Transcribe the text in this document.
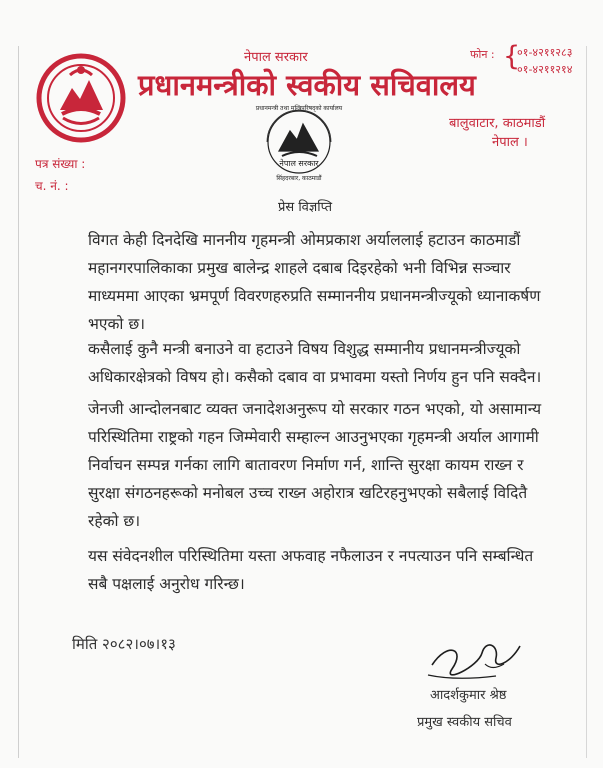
नेपाल सरकार
प्रधानमन्त्रीको स्वकीय सचिवालय
फोन : {
०१-४२११२८३
०१-४२११२१४
बालुवाटार, काठमाडौं
नेपाल ।
प्रधानमन्त्री तथा मन्त्रिपरिषद्को कार्यालय
नेपाल सरकार
सिंहदरबार, काठमाडौं
पत्र संख्या :
च. नं. :
प्रेस विज्ञप्ति
विगत केही दिनदेखि माननीय गृहमन्त्री ओमप्रकाश अर्याललाई हटाउन काठमाडौं महानगरपालिकाका प्रमुख बालेन्द्र शाहले दबाब दिइरहेको भनी विभिन्न सञ्चार माध्यममा आएका भ्रमपूर्ण विवरणहरुप्रति सम्माननीय प्रधानमन्त्रीज्यूको ध्यानाकर्षण भएको छ।
कसैलाई कुनै मन्त्री बनाउने वा हटाउने विषय विशुद्ध सम्मानीय प्रधानमन्त्रीज्यूको अधिकारक्षेत्रको विषय हो। कसैको दबाव वा प्रभावमा यस्तो निर्णय हुन पनि सक्दैन।
जेनजी आन्दोलनबाट व्यक्त जनादेशअनुरूप यो सरकार गठन भएको, यो असामान्य परिस्थितिमा राष्ट्रको गहन जिम्मेवारी सम्हाल्न आउनुभएका गृहमन्त्री अर्याल आगामी निर्वाचन सम्पन्न गर्नका लागि बातावरण निर्माण गर्न, शान्ति सुरक्षा कायम राख्न र सुरक्षा संगठनहरूको मनोबल उच्च राख्न अहोरात्र खटिरहनुभएको सबैलाई विदितै रहेको छ।
यस संवेदनशील परिस्थितिमा यस्ता अफवाह नफैलाउन र नपत्याउन पनि सम्बन्धित सबै पक्षलाई अनुरोध गरिन्छ।
मिति २०८२।०७।१३
आदर्शकुमार श्रेष्ठ
प्रमुख स्वकीय सचिव
